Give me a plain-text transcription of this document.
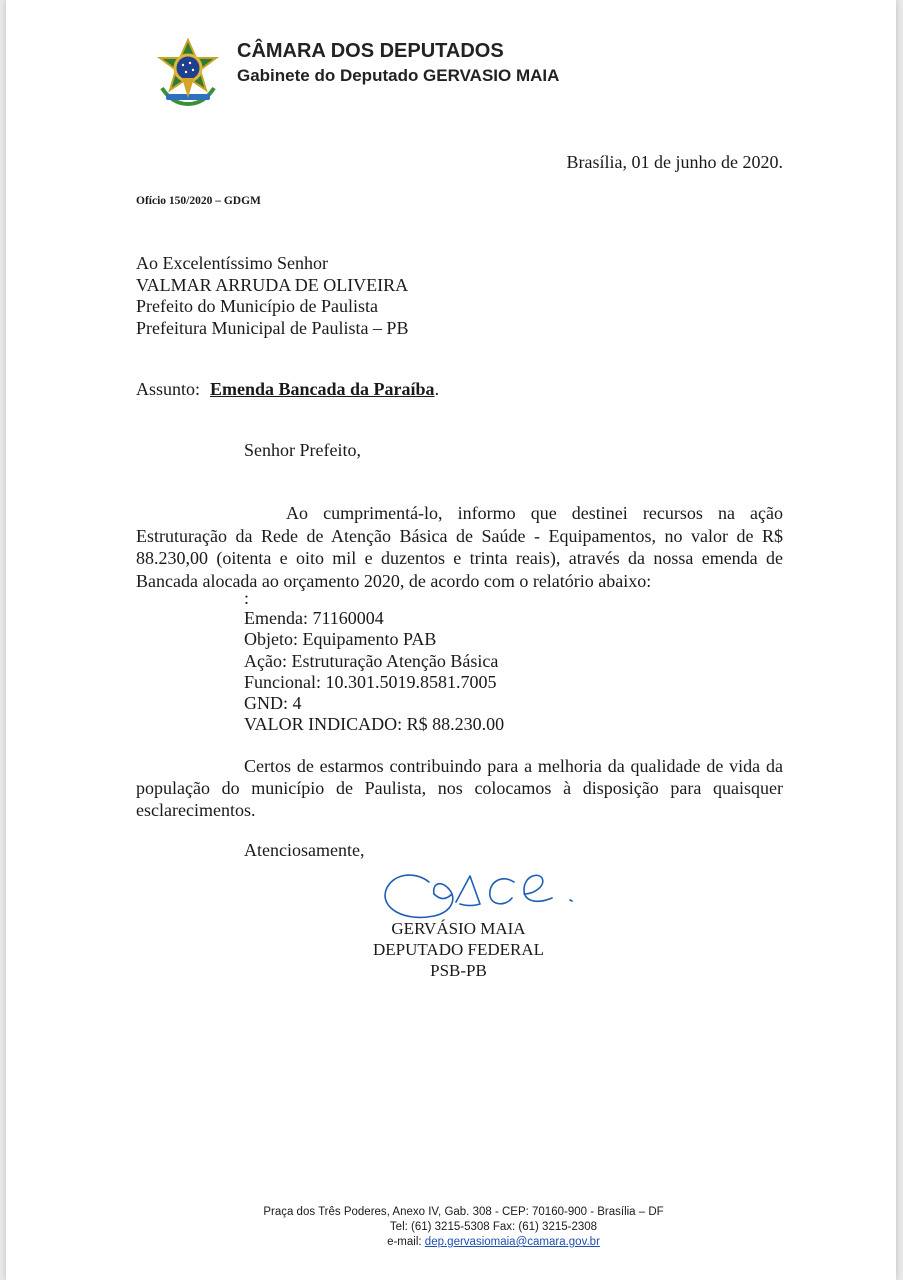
CÂMARA DOS DEPUTADOS
Gabinete do Deputado GERVASIO MAIA
Brasília, 01 de junho de 2020.
Ofício 150/2020 – GDGM
Ao Excelentíssimo Senhor
VALMAR ARRUDA DE OLIVEIRA
Prefeito do Município de Paulista
Prefeitura Municipal de Paulista – PB
Assunto: Emenda Bancada da Paraíba.
Senhor Prefeito,
Ao cumprimentá-lo, informo que destinei recursos na ação
Estruturação da Rede de Atenção Básica de Saúde - Equipamentos, no valor de R$
88.230,00 (oitenta e oito mil e duzentos e trinta reais), através da nossa emenda de
Bancada alocada ao orçamento 2020, de acordo com o relatório abaixo:
:
Emenda: 71160004
Objeto: Equipamento PAB
Ação: Estruturação Atenção Básica
Funcional: 10.301.5019.8581.7005
GND: 4
VALOR INDICADO: R$ 88.230.00
Certos de estarmos contribuindo para a melhoria da qualidade de vida da
população do município de Paulista, nos colocamos à disposição para quaisquer
esclarecimentos.
Atenciosamente,
GERVÁSIO MAIA
DEPUTADO FEDERAL
PSB-PB
Praça dos Três Poderes, Anexo IV, Gab. 308 - CEP: 70160-900 - Brasília – DF
Tel: (61) 3215-5308 Fax: (61) 3215-2308
e-mail: dep.gervasiomaia@camara.gov.br
